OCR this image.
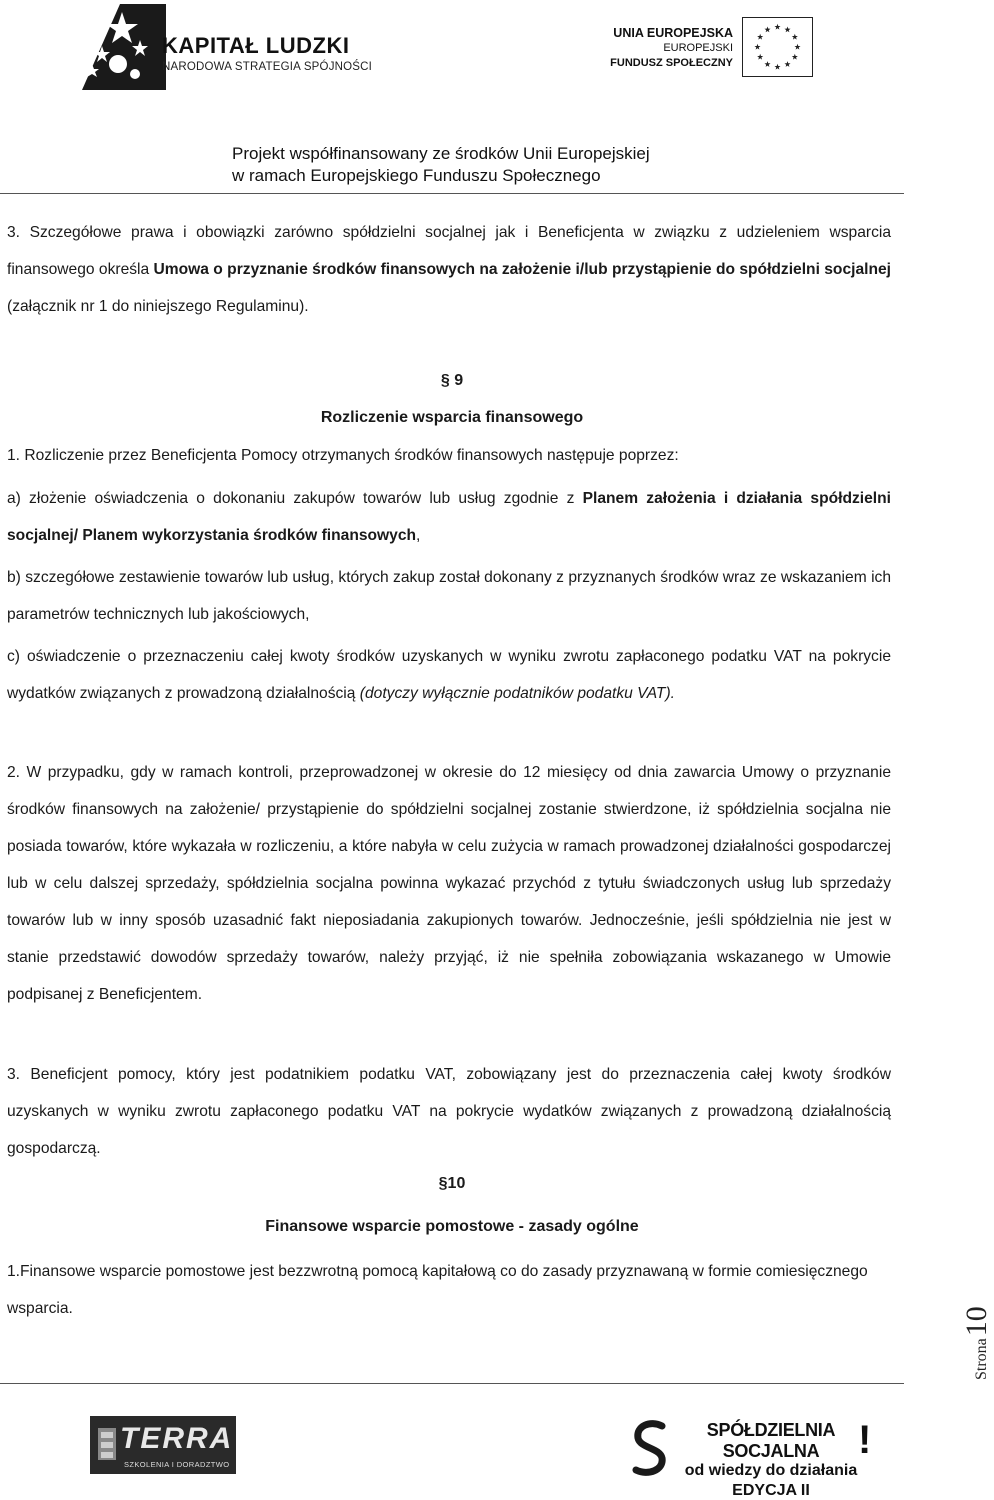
KAPITAŁ LUDZKI
NARODOWA STRATEGIA SPÓJNOŚCI
UNIA EUROPEJSKA
EUROPEJSKI
FUNDUSZ SPOŁECZNY
Projekt współfinansowany ze środków Unii Europejskiej
w ramach Europejskiego Funduszu Społecznego
3. Szczegółowe prawa i obowiązki zarówno spółdzielni socjalnej jak i Beneficjenta w związku z udzieleniem wsparcia finansowego określa Umowa o przyznanie środków finansowych na założenie i/lub przystąpienie do spółdzielni socjalnej (załącznik nr 1 do niniejszego Regulaminu).
§ 9
Rozliczenie wsparcia finansowego
1. Rozliczenie przez Beneficjenta Pomocy otrzymanych środków finansowych następuje poprzez:
a) złożenie oświadczenia o dokonaniu zakupów towarów lub usług zgodnie z Planem założenia i działania spółdzielni socjalnej/ Planem wykorzystania środków finansowych,
b) szczegółowe zestawienie towarów lub usług, których zakup został dokonany z przyznanych środków wraz ze wskazaniem ich parametrów technicznych lub jakościowych,
c) oświadczenie o przeznaczeniu całej kwoty środków uzyskanych w wyniku zwrotu zapłaconego podatku VAT na pokrycie wydatków związanych z prowadzoną działalnością (dotyczy wyłącznie podatników podatku VAT).
2. W przypadku, gdy w ramach kontroli, przeprowadzonej w okresie do 12 miesięcy od dnia zawarcia Umowy o przyznanie środków finansowych na założenie/ przystąpienie do spółdzielni socjalnej zostanie stwierdzone, iż spółdzielnia socjalna nie posiada towarów, które wykazała w rozliczeniu, a które nabyła w celu zużycia w ramach prowadzonej działalności gospodarczej lub w celu dalszej sprzedaży, spółdzielnia socjalna powinna wykazać przychód z tytułu świadczonych usług lub sprzedaży towarów lub w inny sposób uzasadnić fakt nieposiadania zakupionych towarów. Jednocześnie, jeśli spółdzielnia nie jest w stanie przedstawić dowodów sprzedaży towarów, należy przyjąć, iż nie spełniła zobowiązania wskazanego w Umowie podpisanej z Beneficjentem.
3. Beneficjent pomocy, który jest podatnikiem podatku VAT, zobowiązany jest do przeznaczenia całej kwoty środków uzyskanych w wyniku zwrotu zapłaconego podatku VAT na pokrycie wydatków związanych z prowadzoną działalnością gospodarczą.
§10
Finansowe wsparcie pomostowe - zasady ogólne
1.Finansowe wsparcie pomostowe jest bezzwrotną pomocą kapitałową co do zasady przyznawaną w formie comiesięcznego wsparcia.
Strona10
TERRA
SZKOLENIA I DORADZTWO
SPÓŁDZIELNIA SOCJALNA
od wiedzy do działania
EDYCJA II
!
